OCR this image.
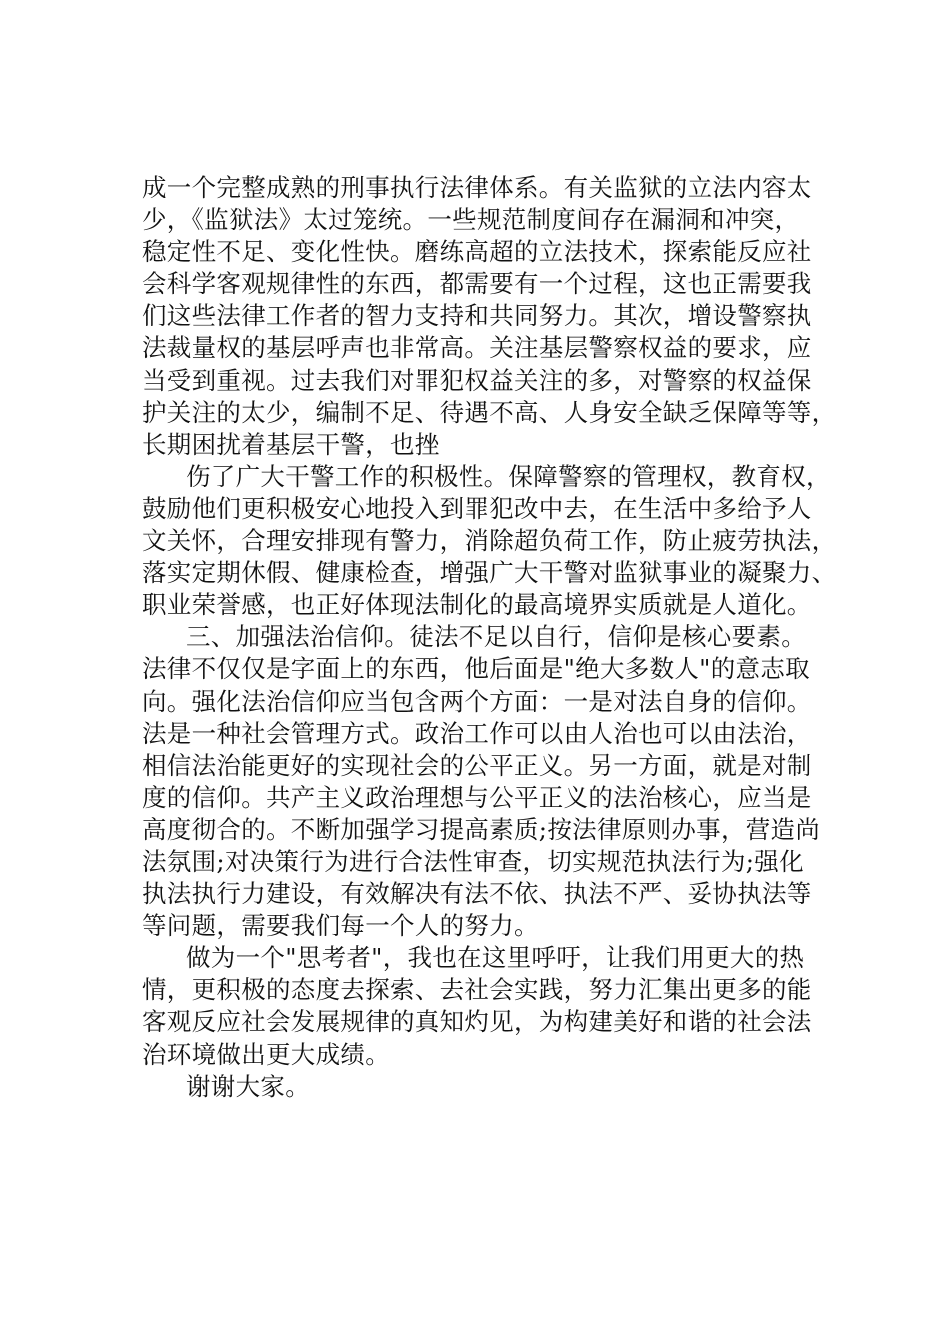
成一个完整成熟的刑事执行法律体系。有关监狱的立法内容太
少，《监狱法》太过笼统。一些规范制度间存在漏洞和冲突，
稳定性不足、变化性快。磨练高超的立法技术，探索能反应社
会科学客观规律性的东西，都需要有一个过程，这也正需要我
们这些法律工作者的智力支持和共同努力。其次，增设警察执
法裁量权的基层呼声也非常高。关注基层警察权益的要求，应
当受到重视。过去我们对罪犯权益关注的多，对警察的权益保
护关注的太少，编制不足、待遇不高、人身安全缺乏保障等等，
长期困扰着基层干警，也挫
伤了广大干警工作的积极性。保障警察的管理权，教育权，
鼓励他们更积极安心地投入到罪犯改中去，在生活中多给予人
文关怀，合理安排现有警力，消除超负荷工作，防止疲劳执法，
落实定期休假、健康检查，增强广大干警对监狱事业的凝聚力、
职业荣誉感，也正好体现法制化的最高境界实质就是人道化。
三、加强法治信仰。徒法不足以自行，信仰是核心要素。
法律不仅仅是字面上的东西，他后面是"绝大多数人"的意志取
向。强化法治信仰应当包含两个方面：一是对法自身的信仰。
法是一种社会管理方式。政治工作可以由人治也可以由法治，
相信法治能更好的实现社会的公平正义。另一方面，就是对制
度的信仰。共产主义政治理想与公平正义的法治核心，应当是
高度彻合的。不断加强学习提高素质;按法律原则办事，营造尚
法氛围;对决策行为进行合法性审查，切实规范执法行为;强化
执法执行力建设，有效解决有法不依、执法不严、妥协执法等
等问题，需要我们每一个人的努力。
做为一个"思考者"，我也在这里呼吁，让我们用更大的热
情，更积极的态度去探索、去社会实践，努力汇集出更多的能
客观反应社会发展规律的真知灼见，为构建美好和谐的社会法
治环境做出更大成绩。
谢谢大家。
